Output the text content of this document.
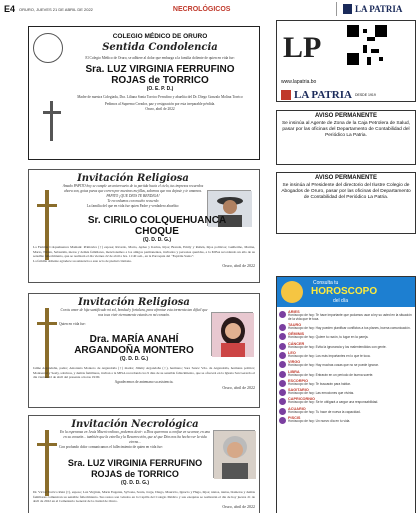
E4 ORURO, JUEVES 21 DE ABRIL DE 2022	NECROLÓGICOS	LA PATRIA
COLEGIO MÉDICO DE ORURO
Sentida Condolencia
El Colegio Médico de Oruro, se adhiere al dolor que embarga a la familia doliente de quien en vida fue:
Sra. LUZ VIRGINIA FERRUFINO
ROJAS de TORRICO
(O. E. P. D.)
Madre de nuestra Colegiada, Dra. Liliana Sonia Torrico Ferrufino y abuelita del Dr. Diego Gonzalo Molina Torrico
Pedimos al Supremo Creador, paz y resignación por esta irreparable pérdida.
Oruro, abril de 2022
Invitación Religiosa
Amado PAPITO hoy se cumple un aniversario de tu partida hacia el cielo, tus impresos recuerdos ahora son, gotas puras que corren por nuestras mejillas, sabemos que nos dejaste y te amamos. PAPITO ¡QUE DIOS TE BENDIGA!
Te recordamos con mucho recuerdo
La familia del que en vida fue quien Padre y verdadero abuelito:
Sr. CIRILO COLQUEHUANCA
CHOQUE
(Q. D. D. G.)
La Familia Colquehuanca Mamani: Primavira (†) esposa; Ricardo, Mario, Aydee y Karina, hijos; Brenda, Emily y Rubén, hijos políticos; Guillermo, Marina, Mario, Nirlan, Sebastián, nietos y demás familiares, mencionamos a los amigos permanentes, invitados y personas queridas, a la MISA recordando un año de su sensible fallecimiento, que se realizará el día viernes 22 de abril a hrs. 11:40 a.m., en la Parroquia del “Espíritu Santo”.
La familia doliente agradece su asistencia a este acto de piedad cristiana.
Oruro, abril de 2022
Invitación Religiosa
Con tu amor de hija santificado mi sol, bondad y fortaleza, para afrontar esta tormenta tan difícil que nos toca vivir eternamente estarás en mi corazón.
Quien en vida fue:
Dra. MARÍA ANAHÍ
ARGANDOÑA MONTERO
(Q. D. D. G.)
Jaime Argandoña, padre; Antonieta Montero de Argandoña (†) madre; Jimmy Argandoña (†), hermano; Sara Sancz Vda. de Argandoña, hermana política; Montserrat y Seely, sobrinos, y demás familiares, invitan a la MISA recordando los 9 días de su sensible fallecimiento, que se ofrecerá en la Iglesia San Gerardo el día viernes 22 de abril del presente a horas 19:00.
Agradecemos de antemano su asistencia.
Oruro, abril de 2022
Invitación Necrológica
En la esperanza en Jesús Misericordioso, podemos decir: a Dios queremos a confiar en su amor, en una en su corazón... también que la estrella y la Resurrección, que sé que Dios nos ha hecho ver la vida eterna...
Con profundo dolor comunicamos el fallecimiento de quien en vida fue:
Sra. LUZ VIRGINIA FERRUFINO
ROJAS de TORRICO
(Q. D. D. G.)
Dr. Víctor Torrico Ruiz (†), esposo; Luz Virginia, María Eugenia, Sylvana, Sonia, Jorge, Diego, Mauricio, Ignacio y Hugo, hijos; nietos, nietas, bisnietos y demás familiares comunican su sensible fallecimiento. Sus restos son velados en la Capilla del Colegio Médico y sus exequias se realizarán el día de hoy jueves 21 de abril de 2022 en el Cementerio General de la ciudad de Oruro.
Oruro, abril de 2022
LP
www.lapatria.bo
LA PATRIA DESDE 1919
AVISO PERMANENTE

Se insinúa al Agente de Zona de la Caja Petrolera de Salud, pasar por las oficinas del Departamento de Contabilidad del Periódico La Patria.

AVISO PERMANENTE

Se insinúa al Presidente del directorio del Ilustre Colegio de Abogados de Oruro, pasar por las oficinas del Departamento de Contabilidad del Periódico La Patria.

Consulta tu
HOROSCOPO
del día
ARIES
Horóscopo de hoy: Te hace importante que podamos usar a ley su usted en la situación de la vida que te toca.
TAURO
Horóscopo de hoy: Hay pueden planificar conflictos a tus planes, buena comunicación.
GÉMINIS
Horóscopo de hoy: Quiere tu razón, tu lugar en la pareja.
CÁNCER
Horóscopo de hoy: Evita la ignorancia y los malentendidos con gente.
LEO
Horóscopo de hoy: Los más importantes en lo que te toca.
VIRGO
Horóscopo de hoy: Hay muchas cosas que no se puede ignorar.
LIBRA
Horóscopo de hoy: Entrarán en un período de buena suerte.
ESCORPIO
Horóscopo de hoy: Te buscarán para hablar.
SAGITARIO
Horóscopo de hoy: Las emociones que vivirás.
CAPRICORNIO
Horóscopo de hoy: Se te obligará a cargar una responsabilidad.
ACUARIO
Horóscopo de hoy: Tu hace de nueva la capacidad.
PISCIS
Horóscopo de hoy: Un nuevo día en tu vida.
